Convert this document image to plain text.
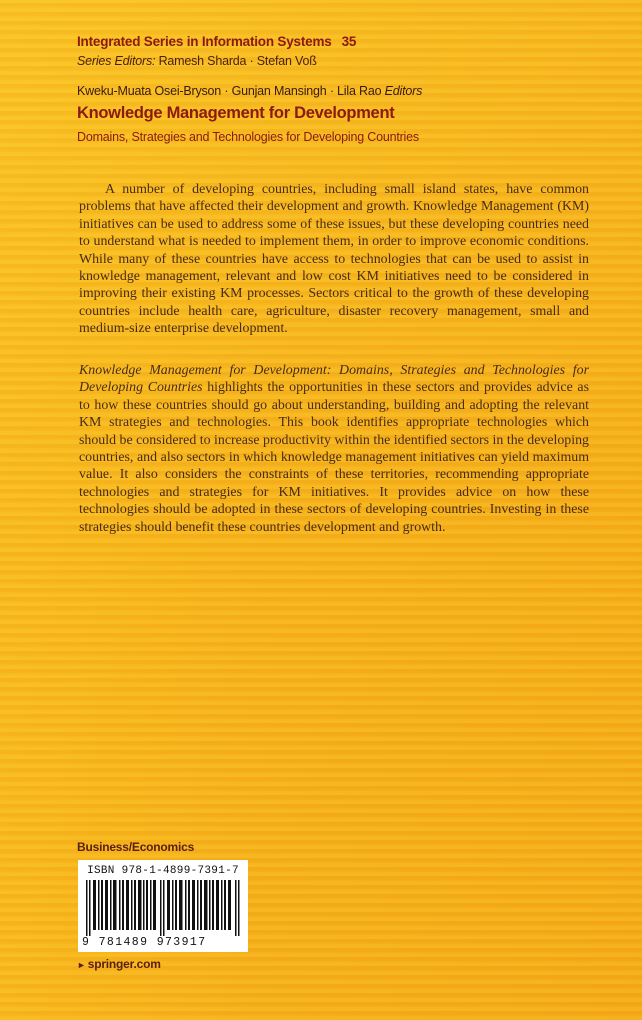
Integrated Series in Information Systems 35
Series Editors: Ramesh Sharda · Stefan Voß
Kweku-Muata Osei-Bryson · Gunjan Mansingh · Lila Rao Editors
Knowledge Management for Development
Domains, Strategies and Technologies for Developing Countries

A number of developing countries, including small island states, have common problems that have affected their development and growth. Knowledge Management (KM) initiatives can be used to address some of these issues, but these developing countries need to understand what is needed to implement them, in order to improve economic conditions. While many of these countries have access to technologies that can be used to assist in knowledge management, relevant and low cost KM initiatives need to be considered in improving their existing KM processes. Sectors critical to the growth of these developing countries include health care, agriculture, disaster recovery management, small and medium-size enterprise development.

Knowledge Management for Development: Domains, Strategies and Technologies for Developing Countries highlights the opportunities in these sectors and provides advice as to how these countries should go about understanding, building and adopting the relevant KM strategies and technologies. This book identifies appropriate technologies which should be considered to increase productivity within the identified sectors in the developing countries, and also sectors in which knowledge management initiatives can yield maximum value. It also considers the constraints of these territories, recommending appropriate technologies and strategies for KM initiatives. It provides advice on how these technologies should be adopted in these sectors of developing countries. Investing in these strategies should benefit these countries development and growth.

Business/Economics
ISBN 978-1-4899-7391-7
9 781489 973917
► springer.com
